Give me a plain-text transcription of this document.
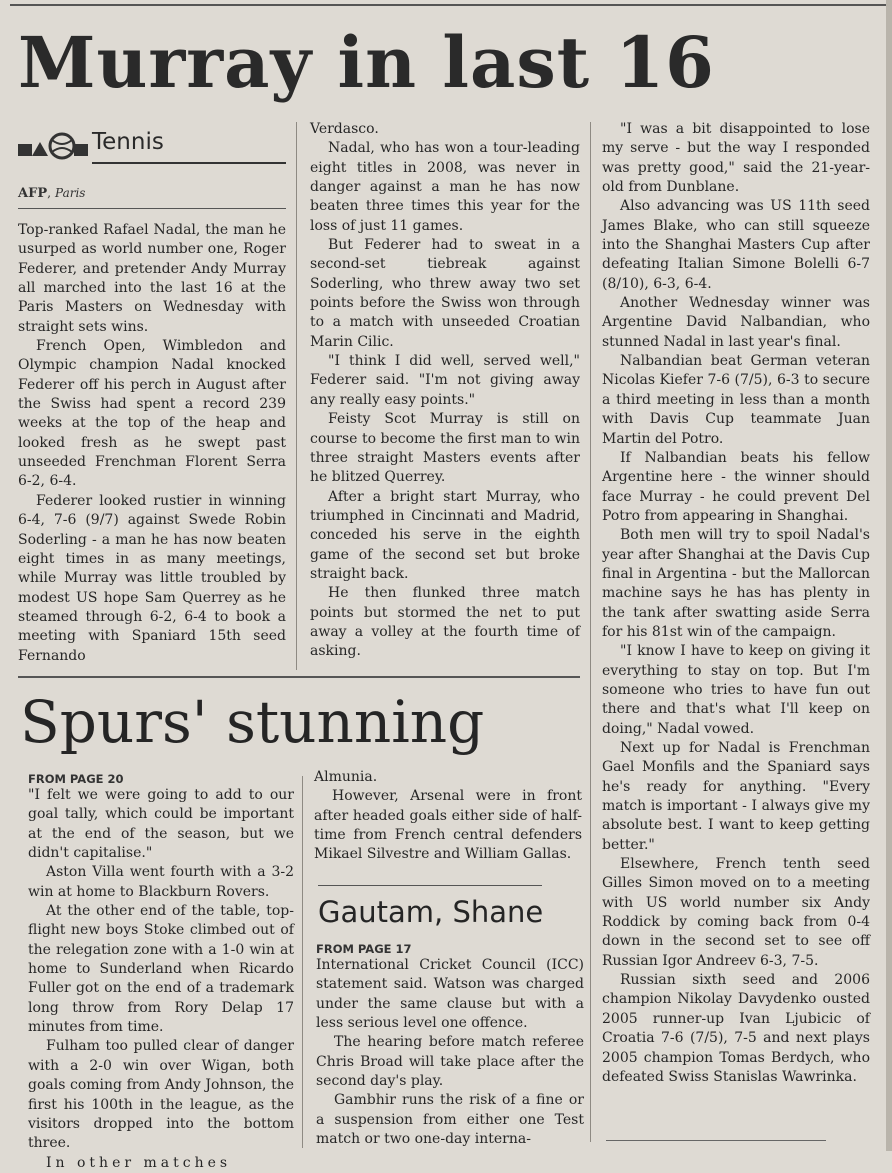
Murray in last 16
Tennis
AFP, Paris

Top-ranked Rafael Nadal, the man he usurped as world number one, Roger Federer, and pretender Andy Murray all marched into the last 16 at the Paris Masters on Wednesday with straight sets wins.

French Open, Wimbledon and Olympic champion Nadal knocked Federer off his perch in August after the Swiss had spent a record 239 weeks at the top of the heap and looked fresh as he swept past unseeded Frenchman Florent Serra 6-2, 6-4.

Federer looked rustier in winning 6-4, 7-6 (9/7) against Swede Robin Soderling - a man he has now beaten eight times in as many meetings, while Murray was little troubled by modest US hope Sam Querrey as he steamed through 6-2, 6-4 to book a meeting with Spaniard 15th seed Fernando

Verdasco.

Nadal, who has won a tour-leading eight titles in 2008, was never in danger against a man he has now beaten three times this year for the loss of just 11 games.

But Federer had to sweat in a second-set tiebreak against Soderling, who threw away two set points before the Swiss won through to a match with unseeded Croatian Marin Cilic.

"I think I did well, served well," Federer said. "I'm not giving away any really easy points."

Feisty Scot Murray is still on course to become the first man to win three straight Masters events after he blitzed Querrey.

After a bright start Murray, who triumphed in Cincinnati and Madrid, conceded his serve in the eighth game of the second set but broke straight back.

He then flunked three match points but stormed the net to put away a volley at the fourth time of asking.

"I was a bit disappointed to lose my serve - but the way I responded was pretty good," said the 21-year-old from Dunblane.

Also advancing was US 11th seed James Blake, who can still squeeze into the Shanghai Masters Cup after defeating Italian Simone Bolelli 6-7 (8/10), 6-3, 6-4.

Another Wednesday winner was Argentine David Nalbandian, who stunned Nadal in last year's final.

Nalbandian beat German veteran Nicolas Kiefer 7-6 (7/5), 6-3 to secure a third meeting in less than a month with Davis Cup teammate Juan Martin del Potro.

If Nalbandian beats his fellow Argentine here - the winner should face Murray - he could prevent Del Potro from appearing in Shanghai.

Both men will try to spoil Nadal's year after Shanghai at the Davis Cup final in Argentina - but the Mallorcan machine says he has has plenty in the tank after swatting aside Serra for his 81st win of the campaign.

"I know I have to keep on giving it everything to stay on top. But I'm someone who tries to have fun out there and that's what I'll keep on doing," Nadal vowed.

Next up for Nadal is Frenchman Gael Monfils and the Spaniard says he's ready for anything. "Every match is important - I always give my absolute best. I want to keep getting better."

Elsewhere, French tenth seed Gilles Simon moved on to a meeting with US world number six Andy Roddick by coming back from 0-4 down in the second set to see off Russian Igor Andreev 6-3, 7-5.

Russian sixth seed and 2006 champion Nikolay Davydenko ousted 2005 runner-up Ivan Ljubicic of Croatia 7-6 (7/5), 7-5 and next plays 2005 champion Tomas Berdych, who defeated Swiss Stanislas Wawrinka.

Spurs' stunning

FROM PAGE 20

"I felt we were going to add to our goal tally, which could be important at the end of the season, but we didn't capitalise."

Aston Villa went fourth with a 3-2 win at home to Blackburn Rovers.

At the other end of the table, top-flight new boys Stoke climbed out of the relegation zone with a 1-0 win at home to Sunderland when Ricardo Fuller got on the end of a trademark long throw from Rory Delap 17 minutes from time.

Fulham too pulled clear of danger with a 2-0 win over Wigan, both goals coming from Andy Johnson, the first his 100th in the league, as the visitors dropped into the bottom three.

In other matches

Almunia.

However, Arsenal were in front after headed goals either side of half-time from French central defenders Mikael Silvestre and William Gallas.

Gautam, Shane

FROM PAGE 17

International Cricket Council (ICC) statement said. Watson was charged under the same clause but with a less serious level one offence.

The hearing before match referee Chris Broad will take place after the second day's play.

Gambhir runs the risk of a fine or a suspension from either one Test match or two one-day interna-
